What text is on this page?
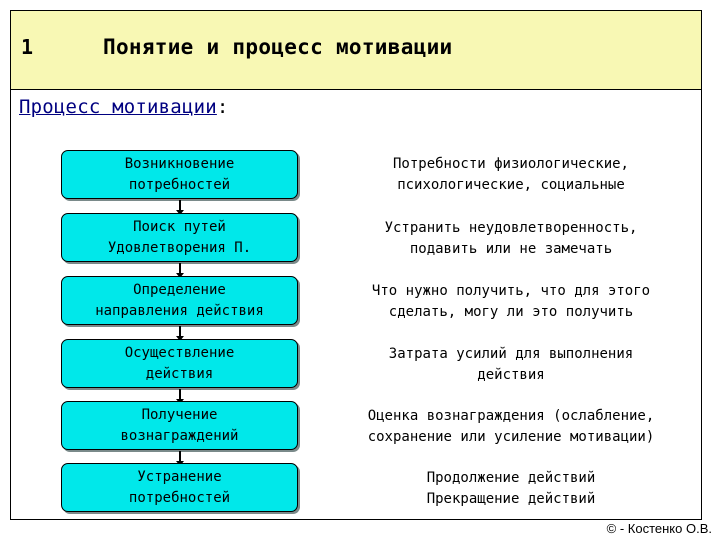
1	Понятие и процесс мотивации
Процесс мотивации:
Возникновение
потребностей
Потребности физиологические,
психологические, социальные
Поиск путей
Удовлетворения П.
Устранить неудовлетворенность,
подавить или не замечать
Определение
направления действия
Что нужно получить, что для этого
сделать, могу ли это получить
Осуществление
действия
Затрата усилий для выполнения
действия
Получение
вознаграждений
Оценка вознаграждения (ослабление,
сохранение или усиление мотивации)
Устранение
потребностей
Продолжение действий
Прекращение действий
© - Костенко О.В.
